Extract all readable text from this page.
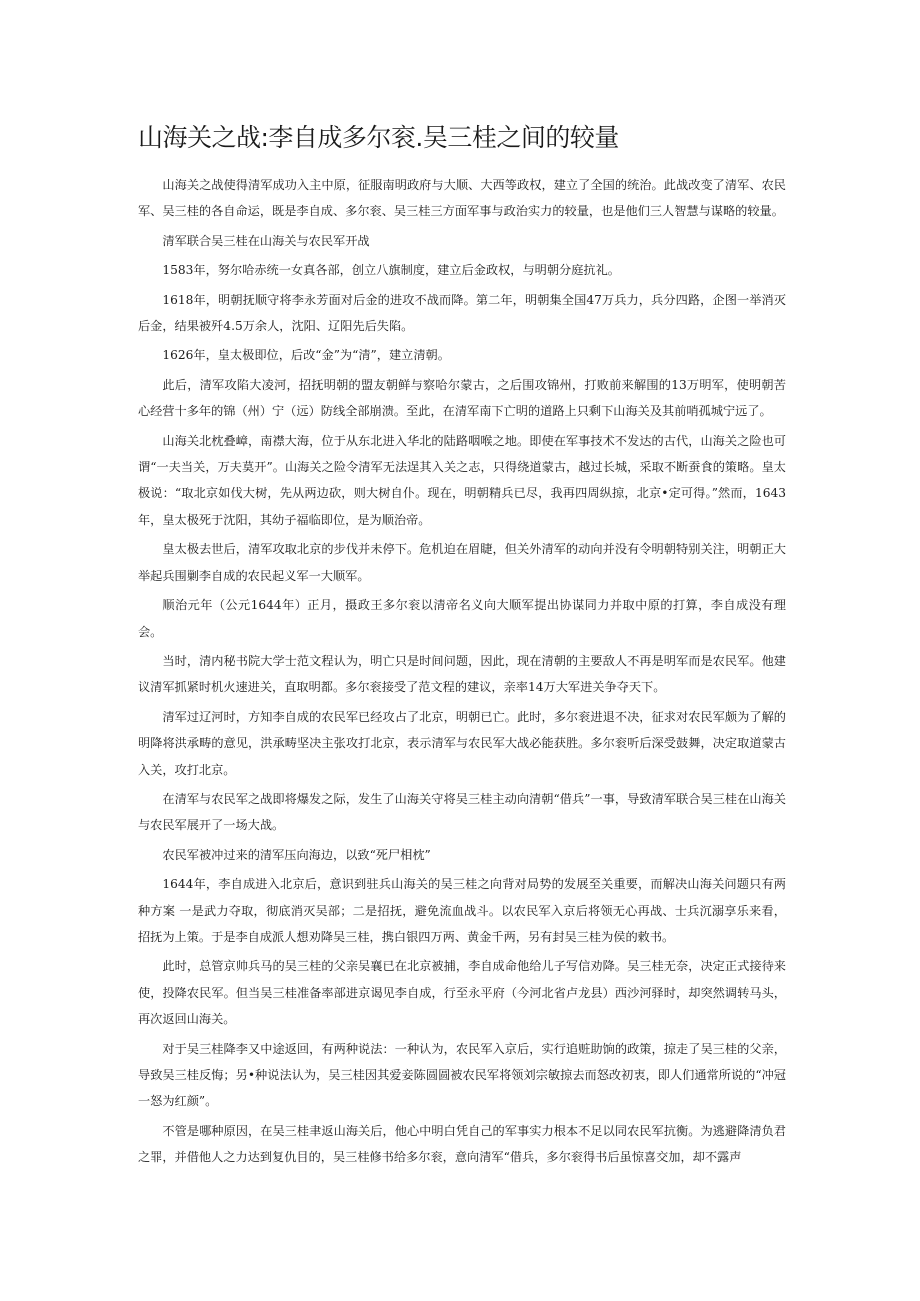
山海关之战:李自成多尔衮.吴三桂之间的较量

山海关之战使得清军成功入主中原，征服南明政府与大顺、大西等政权，建立了全国的统治。此战改变了清军、农民军、吴三桂的各自命运，既是李自成、多尔衮、吴三桂三方面军事与政治实力的较量，也是他们三人智慧与谋略的较量。

清军联合吴三桂在山海关与农民军开战

1583年，努尔哈赤统一女真各部，创立八旗制度，建立后金政权，与明朝分庭抗礼。

1618年，明朝抚顺守将李永芳面对后金的进攻不战而降。第二年，明朝集全国47万兵力，兵分四路，企图一举消灭后金，结果被歼4.5万余人，沈阳、辽阳先后失陷。

1626年，皇太极即位，后改“金”为“清”，建立清朝。

此后，清军攻陷大凌河，招抚明朝的盟友朝鲜与察哈尔蒙古，之后围攻锦州，打败前来解围的13万明军，使明朝苦心经营十多年的锦（州）宁（远）防线全部崩溃。至此，在清军南下亡明的道路上只剩下山海关及其前哨孤城宁远了。

山海关北枕叠嶂，南襟大海，位于从东北进入华北的陆路咽喉之地。即使在军事技术不发达的古代，山海关之险也可谓“一夫当关，万夫莫开”。山海关之险令清军无法逞其入关之志，只得绕道蒙古，越过长城，采取不断蚕食的策略。皇太极说：“取北京如伐大树，先从两边砍，则大树自仆。现在，明朝精兵已尽，我再四周纵掠，北京•定可得。”然而，1643年，皇太极死于沈阳，其幼子福临即位，是为顺治帝。

皇太极去世后，清军攻取北京的步伐并未停下。危机迫在眉睫，但关外清军的动向并没有令明朝特别关注，明朝正大举起兵围剿李自成的农民起义军一大顺军。

顺治元年（公元1644年）正月，摄政王多尔衮以清帝名义向大顺军提出协谋同力并取中原的打算，李自成没有理会。

当时，清内秘书院大学士范文程认为，明亡只是时间问题，因此，现在清朝的主要敌人不再是明军而是农民军。他建议清军抓紧时机火速进关，直取明都。多尔衮接受了范文程的建议，亲率14万大军进关争夺天下。

清军过辽河时，方知李自成的农民军已经攻占了北京，明朝已亡。此时，多尔衮进退不决，征求对农民军颇为了解的明降将洪承畴的意见，洪承畴坚决主张攻打北京，表示清军与农民军大战必能获胜。多尔衮听后深受鼓舞，决定取道蒙古入关，攻打北京。

在清军与农民军之战即将爆发之际，发生了山海关守将吴三桂主动向清朝“借兵”一事，导致清军联合吴三桂在山海关与农民军展开了一场大战。

农民军被冲过来的清军压向海边，以致“死尸相枕”

1644年，李自成进入北京后，意识到驻兵山海关的吴三桂之向背对局势的发展至关重要，而解决山海关问题只有两种方案 一是武力夺取，彻底消灭吴部；二是招抚，避免流血战斗。以农民军入京后将领无心再战、士兵沉溺享乐来看，招抚为上策。于是李自成派人想劝降吴三桂，携白银四万两、黄金千两，另有封吴三桂为侯的敕书。

此时，总管京帅兵马的吴三桂的父亲吴襄已在北京被捕，李自成命他给儿子写信劝降。吴三桂无奈，决定正式接待来使，投降农民军。但当吴三桂准备率部进京谒见李自成，行至永平府（今河北省卢龙县）西沙河驿时，却突然调转马头，再次返回山海关。

对于吴三桂降李又中途返回，有两种说法：一种认为，农民军入京后，实行追赃助饷的政策，掠走了吴三桂的父亲，导致吴三桂反悔；另•种说法认为，吴三桂因其爱妾陈圆圆被农民军将领刘宗敏掠去而怒改初衷，即人们通常所说的“冲冠一怒为红颜”。

不管是哪种原因，在吴三桂聿返山海关后，他心中明白凭自己的军事实力根本不足以同农民军抗衡。为逃避降清负君之罪，并借他人之力达到复仇目的，吴三桂修书给多尔衮，意向清军“借兵，多尔衮得书后虽惊喜交加，却不露声
